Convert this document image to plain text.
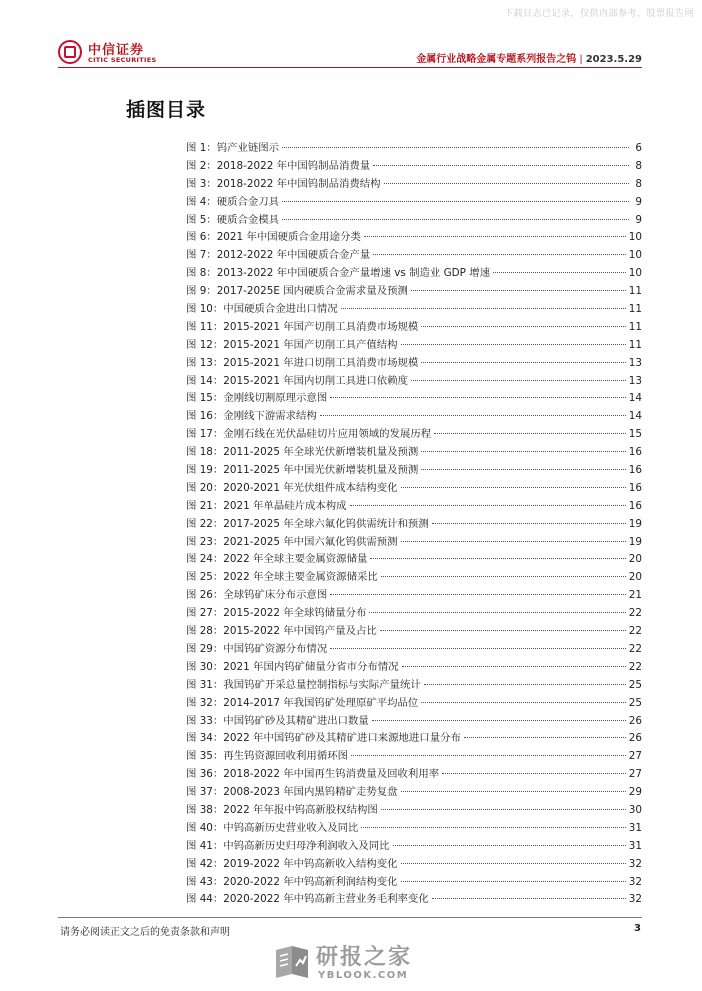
下载日志已记录，仅供内部参考，股票报告网
中信证券
CITIC SECURITIES	金属行业战略金属专题系列报告之钨 | 2023.5.29
插图目录
图 1：钨产业链图示	6
图 2：2018-2022 年中国钨制品消费量	8
图 3：2018-2022 年中国钨制品消费结构	8
图 4：硬质合金刀具	9
图 5：硬质合金模具	9
图 6：2021 年中国硬质合金用途分类	10
图 7：2012-2022 年中国硬质合金产量	10
图 8：2013-2022 年中国硬质合金产量增速 vs 制造业 GDP 增速	10
图 9：2017-2025E 国内硬质合金需求量及预测	11
图 10：中国硬质合金进出口情况	11
图 11：2015-2021 年国产切削工具消费市场规模	11
图 12：2015-2021 年国产切削工具产值结构	11
图 13：2015-2021 年进口切削工具消费市场规模	13
图 14：2015-2021 年国内切削工具进口依赖度	13
图 15：金刚线切割原理示意图	14
图 16：金刚线下游需求结构	14
图 17：金刚石线在光伏晶硅切片应用领域的发展历程	15
图 18：2011-2025 年全球光伏新增装机量及预测	16
图 19：2011-2025 年中国光伏新增装机量及预测	16
图 20：2020-2021 年光伏组件成本结构变化	16
图 21：2021 年单晶硅片成本构成	16
图 22：2017-2025 年全球六氟化钨供需统计和预测	19
图 23：2021-2025 年中国六氟化钨供需预测	19
图 24：2022 年全球主要金属资源储量	20
图 25：2022 年全球主要金属资源储采比	20
图 26：全球钨矿床分布示意图	21
图 27：2015-2022 年全球钨储量分布	22
图 28：2015-2022 年中国钨产量及占比	22
图 29：中国钨矿资源分布情况	22
图 30：2021 年国内钨矿储量分省市分布情况	22
图 31：我国钨矿开采总量控制指标与实际产量统计	25
图 32：2014-2017 年我国钨矿处理原矿平均品位	25
图 33：中国钨矿砂及其精矿进出口数量	26
图 34：2022 年中国钨矿砂及其精矿进口来源地进口量分布	26
图 35：再生钨资源回收利用循环图	27
图 36：2018-2022 年中国再生钨消费量及回收利用率	27
图 37：2008-2023 年国内黑钨精矿走势复盘	29
图 38：2022 年年报中钨高新股权结构图	30
图 40：中钨高新历史营业收入及同比	31
图 41：中钨高新历史归母净利润收入及同比	31
图 42：2019-2022 年中钨高新收入结构变化	32
图 43：2020-2022 年中钨高新利润结构变化	32
图 44：2020-2022 年中钨高新主营业务毛利率变化	32
请务必阅读正文之后的免责条款和声明	3
研报之家
YBLOOK.COM
